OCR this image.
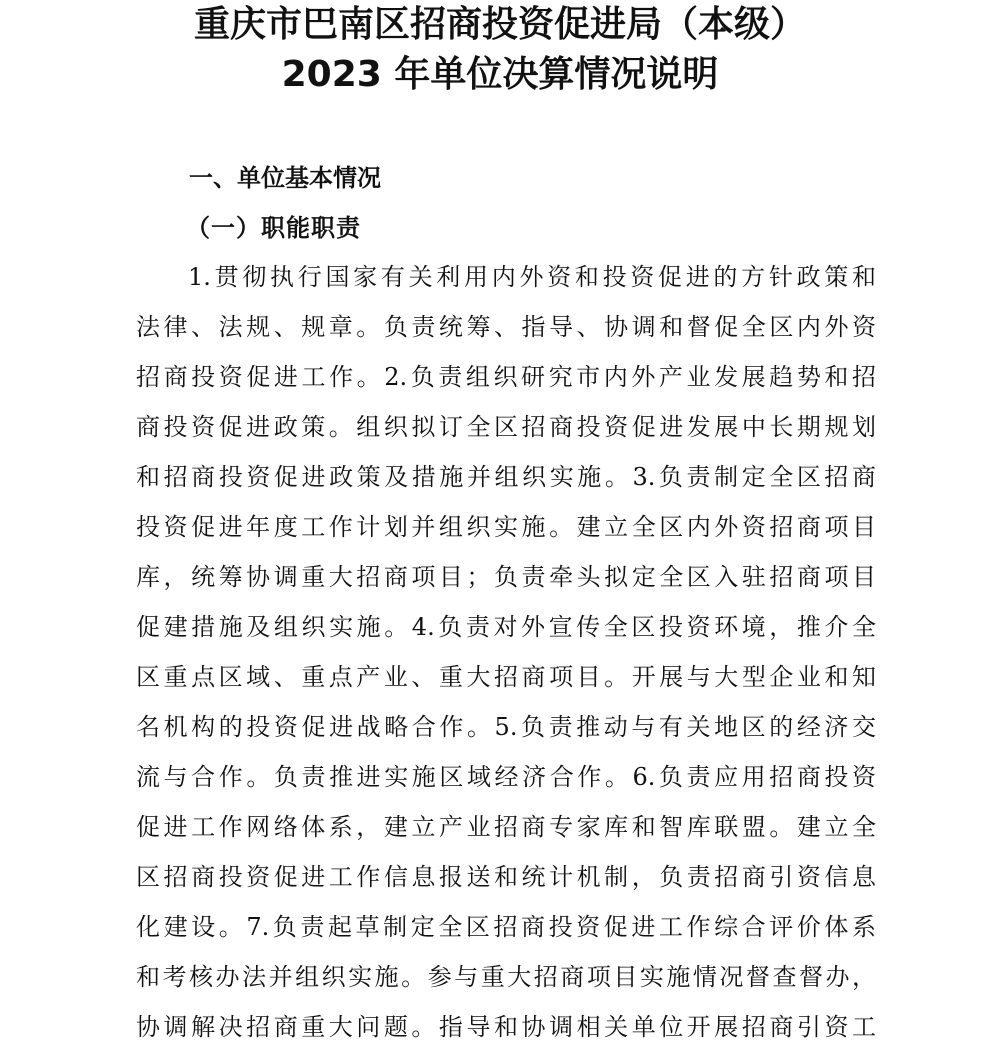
重庆市巴南区招商投资促进局（本级）
2023 年单位决算情况说明
一、单位基本情况
（一）职能职责
1.贯彻执行国家有关利用内外资和投资促进的方针政策和
法律、法规、规章。负责统筹、指导、协调和督促全区内外资
招商投资促进工作。2.负责组织研究市内外产业发展趋势和招
商投资促进政策。组织拟订全区招商投资促进发展中长期规划
和招商投资促进政策及措施并组织实施。3.负责制定全区招商
投资促进年度工作计划并组织实施。建立全区内外资招商项目
库，统筹协调重大招商项目；负责牵头拟定全区入驻招商项目
促建措施及组织实施。4.负责对外宣传全区投资环境，推介全
区重点区域、重点产业、重大招商项目。开展与大型企业和知
名机构的投资促进战略合作。5.负责推动与有关地区的经济交
流与合作。负责推进实施区域经济合作。6.负责应用招商投资
促进工作网络体系，建立产业招商专家库和智库联盟。建立全
区招商投资促进工作信息报送和统计机制，负责招商引资信息
化建设。7.负责起草制定全区招商投资促进工作综合评价体系
和考核办法并组织实施。参与重大招商项目实施情况督查督办，
协调解决招商重大问题。指导和协调相关单位开展招商引资工
